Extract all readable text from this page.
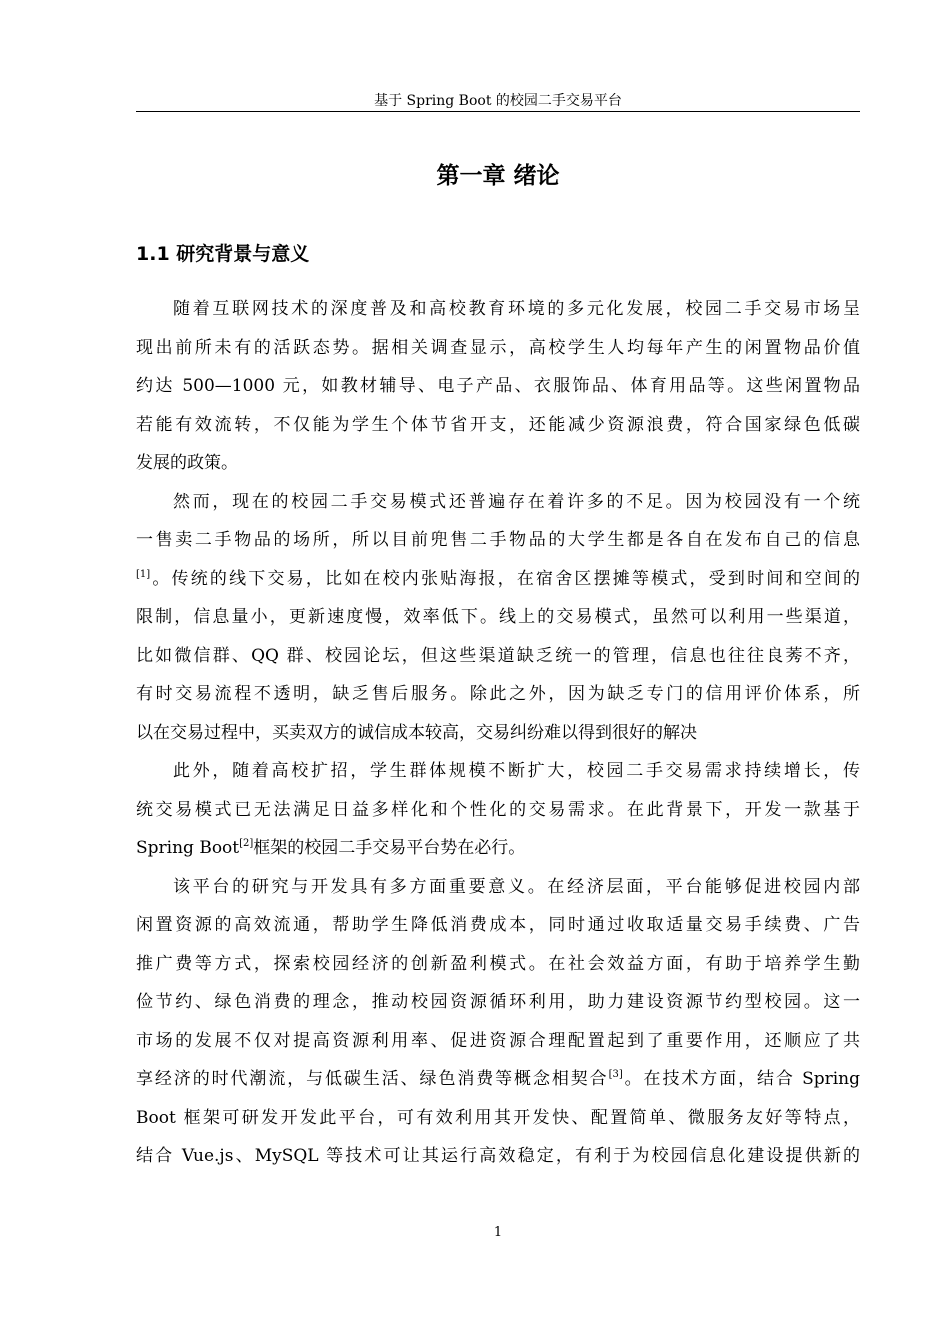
基于 Spring Boot 的校园二手交易平台
第一章 绪论
1.1 研究背景与意义
随着互联网技术的深度普及和高校教育环境的多元化发展，校园二手交易市场呈
现出前所未有的活跃态势。据相关调查显示，高校学生人均每年产生的闲置物品价值
约达 500—1000 元，如教材辅导、电子产品、衣服饰品、体育用品等。这些闲置物品
若能有效流转，不仅能为学生个体节省开支，还能减少资源浪费，符合国家绿色低碳
发展的政策。
然而，现在的校园二手交易模式还普遍存在着许多的不足。因为校园没有一个统
一售卖二手物品的场所，所以目前兜售二手物品的大学生都是各自在发布自己的信息
[1]。传统的线下交易，比如在校内张贴海报，在宿舍区摆摊等模式，受到时间和空间的
限制，信息量小，更新速度慢，效率低下。线上的交易模式，虽然可以利用一些渠道，
比如微信群、QQ 群、校园论坛，但这些渠道缺乏统一的管理，信息也往往良莠不齐，
有时交易流程不透明，缺乏售后服务。除此之外，因为缺乏专门的信用评价体系，所
以在交易过程中，买卖双方的诚信成本较高，交易纠纷难以得到很好的解决
此外，随着高校扩招，学生群体规模不断扩大，校园二手交易需求持续增长，传
统交易模式已无法满足日益多样化和个性化的交易需求。在此背景下，开发一款基于
Spring Boot[2]框架的校园二手交易平台势在必行。
该平台的研究与开发具有多方面重要意义。在经济层面，平台能够促进校园内部
闲置资源的高效流通，帮助学生降低消费成本，同时通过收取适量交易手续费、广告
推广费等方式，探索校园经济的创新盈利模式。在社会效益方面，有助于培养学生勤
俭节约、绿色消费的理念，推动校园资源循环利用，助力建设资源节约型校园。这一
市场的发展不仅对提高资源利用率、促进资源合理配置起到了重要作用，还顺应了共
享经济的时代潮流，与低碳生活、绿色消费等概念相契合[3]。在技术方面，结合 Spring
Boot 框架可研发开发此平台，可有效利用其开发快、配置简单、微服务友好等特点，
结合 Vue.js、MySQL 等技术可让其运行高效稳定，有利于为校园信息化建设提供新的
1
